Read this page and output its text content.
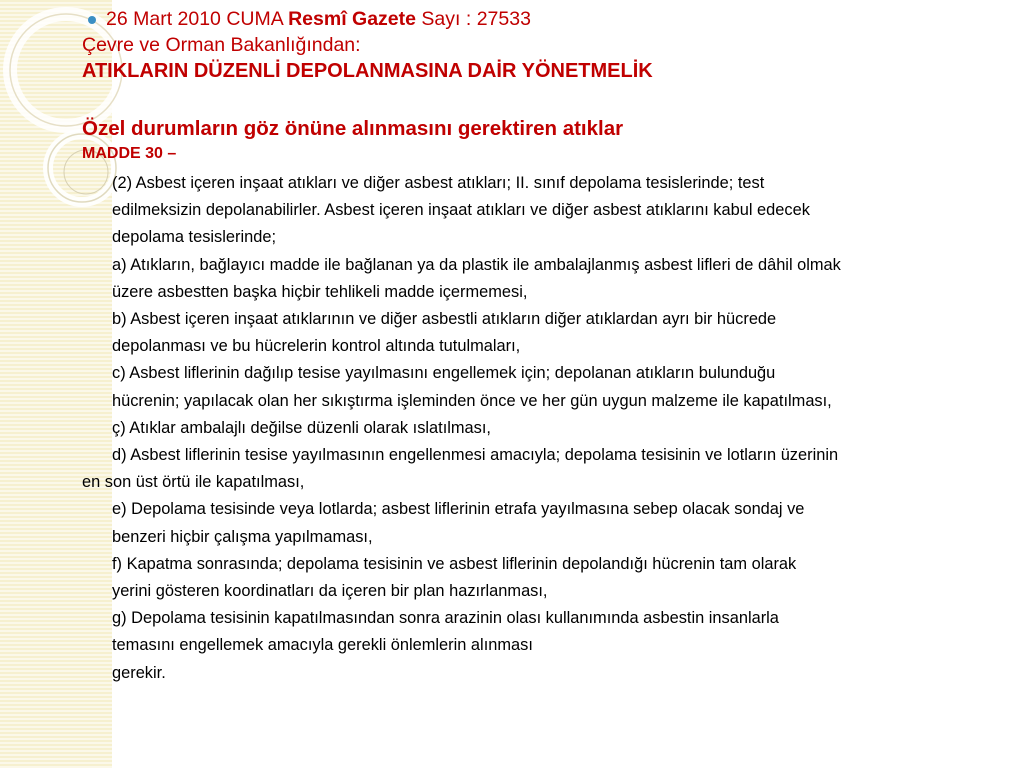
26 Mart 2010 CUMA Resmî Gazete Sayı : 27533
Çevre ve Orman Bakanlığından:
ATIKLARIN DÜZENLİ DEPOLANMASINA DAİR YÖNETMELİK
Özel durumların göz önüne alınmasını gerektiren atıklar
MADDE 30 –
(2) Asbest içeren inşaat atıkları ve diğer asbest atıkları; II. sınıf depolama tesislerinde; test
edilmeksizin depolanabilirler. Asbest içeren inşaat atıkları ve diğer asbest atıklarını kabul edecek
depolama tesislerinde;
a) Atıkların, bağlayıcı madde ile bağlanan ya da plastik ile ambalajlanmış asbest lifleri de dâhil olmak
üzere asbestten başka hiçbir tehlikeli madde içermemesi,
b) Asbest içeren inşaat atıklarının ve diğer asbestli atıkların diğer atıklardan ayrı bir hücrede
depolanması ve bu hücrelerin kontrol altında tutulmaları,
c) Asbest liflerinin dağılıp tesise yayılmasını engellemek için; depolanan atıkların bulunduğu
hücrenin; yapılacak olan her sıkıştırma işleminden önce ve her gün uygun malzeme ile kapatılması,
ç) Atıklar ambalajlı değilse düzenli olarak ıslatılması,
d) Asbest liflerinin tesise yayılmasının engellenmesi amacıyla; depolama tesisinin ve lotların üzerinin
en son üst örtü ile kapatılması,
e) Depolama tesisinde veya lotlarda; asbest liflerinin etrafa yayılmasına sebep olacak sondaj ve
benzeri hiçbir çalışma yapılmaması,
f) Kapatma sonrasında; depolama tesisinin ve asbest liflerinin depolandığı hücrenin tam olarak
yerini gösteren koordinatları da içeren bir plan hazırlanması,
g) Depolama tesisinin kapatılmasından sonra arazinin olası kullanımında asbestin insanlarla
temasını engellemek amacıyla gerekli önlemlerin alınması
gerekir.
